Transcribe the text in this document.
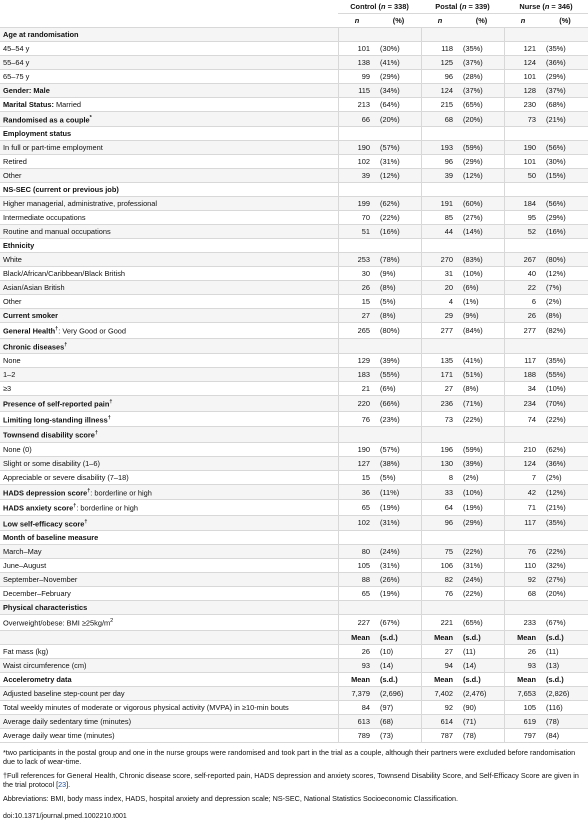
	Control (n = 338)		Postal (n = 339)		Nurse (n = 346)	
	n	(%)	n	(%)	n	(%)
Age at randomisation						
45–54 y	101	(30%)	118	(35%)	121	(35%)
55–64 y	138	(41%)	125	(37%)	124	(36%)
65–75 y	99	(29%)	96	(28%)	101	(29%)
Gender: Male	115	(34%)	124	(37%)	128	(37%)
Marital Status: Married	213	(64%)	215	(65%)	230	(68%)
Randomised as a couple*	66	(20%)	68	(20%)	73	(21%)
Employment status						
In full or part-time employment	190	(57%)	193	(59%)	190	(56%)
Retired	102	(31%)	96	(29%)	101	(30%)
Other	39	(12%)	39	(12%)	50	(15%)
NS-SEC (current or previous job)						
Higher managerial, administrative, professional	199	(62%)	191	(60%)	184	(56%)
Intermediate occupations	70	(22%)	85	(27%)	95	(29%)
Routine and manual occupations	51	(16%)	44	(14%)	52	(16%)
Ethnicity						
White	253	(78%)	270	(83%)	267	(80%)
Black/African/Caribbean/Black British	30	(9%)	31	(10%)	40	(12%)
Asian/Asian British	26	(8%)	20	(6%)	22	(7%)
Other	15	(5%)	4	(1%)	6	(2%)
Current smoker	27	(8%)	29	(9%)	26	(8%)
General Health†: Very Good or Good	265	(80%)	277	(84%)	277	(82%)
Chronic diseases†						
None	129	(39%)	135	(41%)	117	(35%)
1–2	183	(55%)	171	(51%)	188	(55%)
≥3	21	(6%)	27	(8%)	34	(10%)
Presence of self-reported pain†	220	(66%)	236	(71%)	234	(70%)
Limiting long-standing illness†	76	(23%)	73	(22%)	74	(22%)
Townsend disability score†						
None (0)	190	(57%)	196	(59%)	210	(62%)
Slight or some disability (1–6)	127	(38%)	130	(39%)	124	(36%)
Appreciable or severe disability (7–18)	15	(5%)	8	(2%)	7	(2%)
HADS depression score†: borderline or high	36	(11%)	33	(10%)	42	(12%)
HADS anxiety score†: borderline or high	65	(19%)	64	(19%)	71	(21%)
Low self-efficacy score†	102	(31%)	96	(29%)	117	(35%)
Month of baseline measure						
March–May	80	(24%)	75	(22%)	76	(22%)
June–August	105	(31%)	106	(31%)	110	(32%)
September–November	88	(26%)	82	(24%)	92	(27%)
December–February	65	(19%)	76	(22%)	68	(20%)
Physical characteristics						
Overweight/obese: BMI $\ge 25kg/m^2$	227	(67%)	221	(65%)	233	(67%)
	Mean	(s.d.)	Mean	(s.d.)	Mean	(s.d.)
Fat mass (kg)	26	(10)	27	(11)	26	(11)
Waist circumference (cm)	93	(14)	94	(14)	93	(13)
Accelerometry data	Mean	(s.d.)	Mean	(s.d.)	Mean	(s.d.)
Adjusted baseline step-count per day	7,379	(2,696)	7,402	(2,476)	7,653	(2,826)
Total weekly minutes of moderate or vigorous physical activity (MVPA) in ≥10-min bouts	84	(97)	92	(90)	105	(116)
Average daily sedentary time (minutes)	613	(68)	614	(71)	619	(78)
Average daily wear time (minutes)	789	(73)	787	(78)	797	(84)

*two participants in the postal group and one in the nurse groups were randomised and took part in the trial as a couple, although their partners were excluded before randomisation due to lack of wear-time.

†Full references for General Health, Chronic disease score, self-reported pain, HADS depression and anxiety scores, Townsend Disability Score, and Self-Efficacy Score are given in the trial protocol [23].

Abbreviations: BMI, body mass index, HADS, hospital anxiety and depression scale; NS-SEC, National Statistics Socioeconomic Classification.

doi:10.1371/journal.pmed.1002210.t001
